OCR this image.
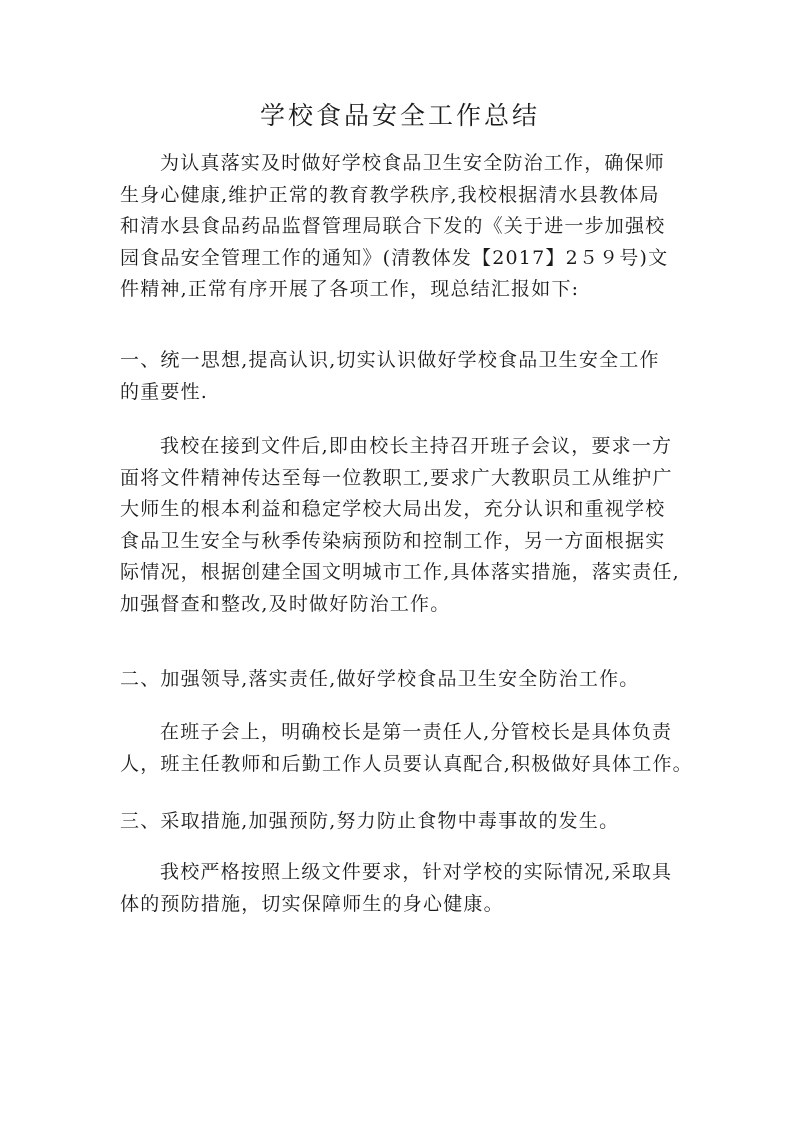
学校食品安全工作总结

为认真落实及时做好学校食品卫生安全防治工作，确保师
生身心健康,维护正常的教育教学秩序,我校根据清水县教体局
和清水县食品药品监督管理局联合下发的《关于进一步加强校
园食品安全管理工作的通知》(清教体发【2017】2５９号)文
件精神,正常有序开展了各项工作，现总结汇报如下:

一、统一思想,提高认识,切实认识做好学校食品卫生安全工作
的重要性.

我校在接到文件后,即由校长主持召开班子会议，要求一方
面将文件精神传达至每一位教职工,要求广大教职员工从维护广
大师生的根本利益和稳定学校大局出发，充分认识和重视学校
食品卫生安全与秋季传染病预防和控制工作，另一方面根据实
际情况，根据创建全国文明城市工作,具体落实措施，落实责任,
加强督查和整改,及时做好防治工作。

二、加强领导,落实责任,做好学校食品卫生安全防治工作。

在班子会上，明确校长是第一责任人,分管校长是具体负责
人，班主任教师和后勤工作人员要认真配合,积极做好具体工作。

三、采取措施,加强预防,努力防止食物中毒事故的发生。

我校严格按照上级文件要求，针对学校的实际情况,采取具
体的预防措施，切实保障师生的身心健康。
